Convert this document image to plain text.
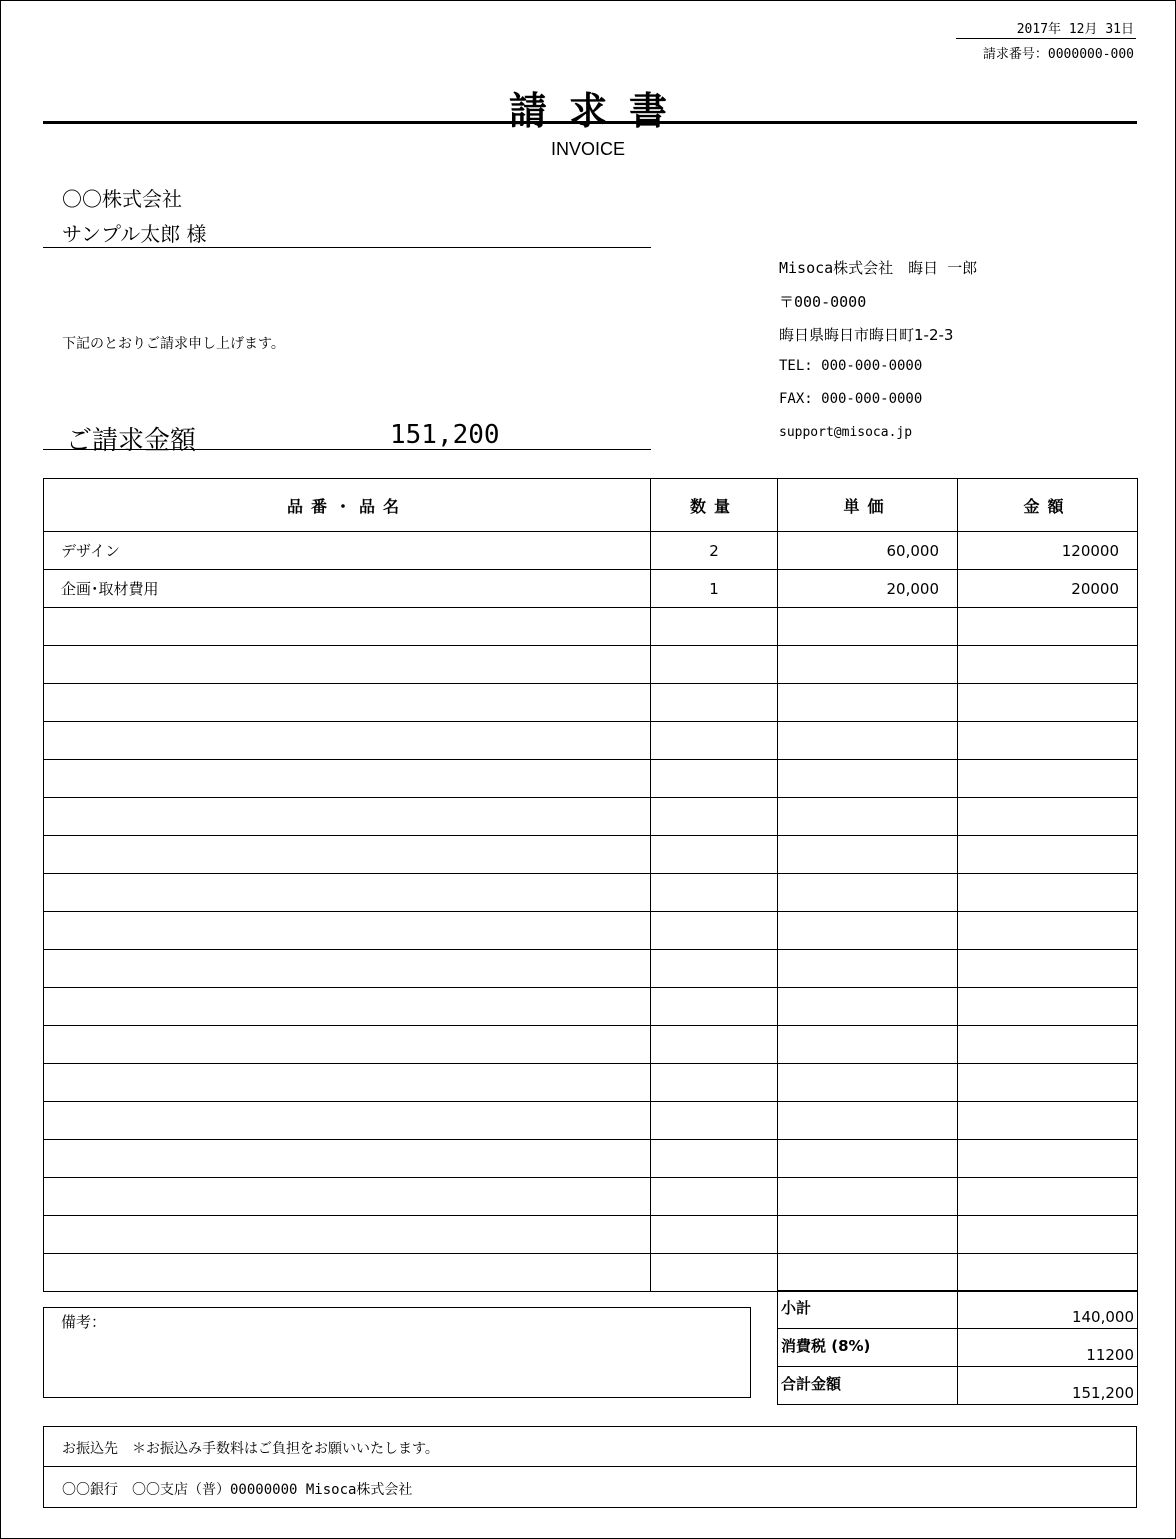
2017年 12月 31日
請求番号：0000000-000
請求書
INVOICE
〇〇株式会社
サンプル太郎 様
下記のとおりご請求申し上げます。
ご請求金額	151,200
Misoca株式会社　晦日 一郎
〒000-0000
晦日県晦日市晦日町1-2-3
TEL: 000-000-0000
FAX: 000-000-0000
support@misoca.jp
品番・品名	数量	単価	金額
デザイン	2	60,000	120000
企画･取材費用	1	20,000	20000

備考：
小計	140,000
消費税 (8%)	11200
合計金額	151,200
お振込先　＊お振込み手数料はご負担をお願いいたします。
〇〇銀行　〇〇支店（普）00000000 Misoca株式会社
